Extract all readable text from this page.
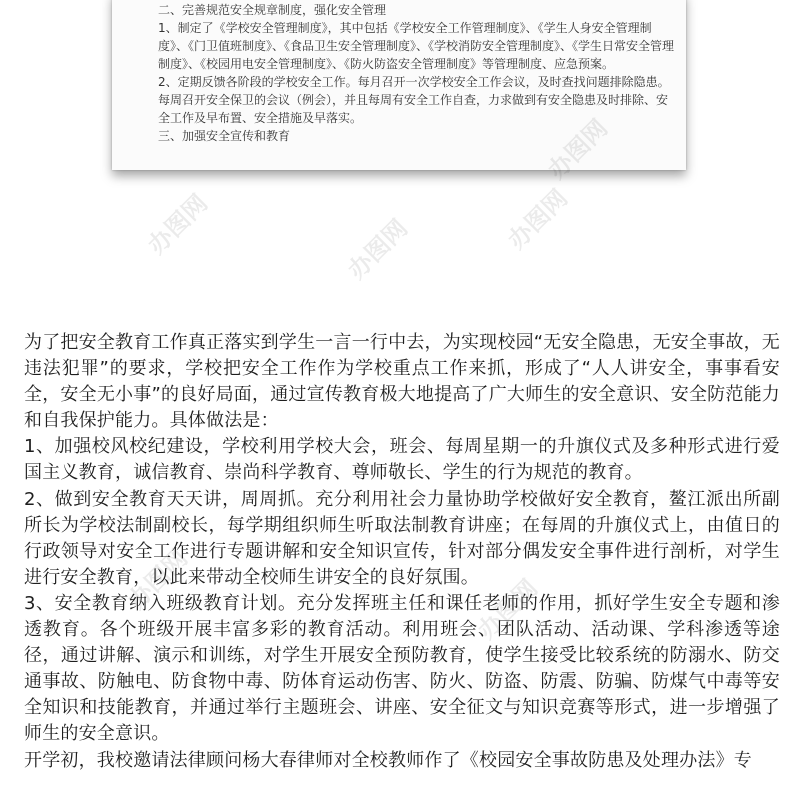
二、完善规范安全规章制度，强化安全管理

1、制定了《学校安全管理制度》，其中包括《学校安全工作管理制度》、《学生人身安全管理制度》、《门卫值班制度》、《食品卫生安全管理制度》、《学校消防安全管理制度》、《学生日常安全管理制度》、《校园用电安全管理制度》、《防火防盗安全管理制度》等管理制度、应急预案。

2、定期反馈各阶段的学校安全工作。每月召开一次学校安全工作会议，及时查找问题排除隐患。每周召开安全保卫的会议（例会），并且每周有安全工作自查，力求做到有安全隐患及时排除、安全工作及早布置、安全措施及早落实。

三、加强安全宣传和教育

办图网	办图网	办图网
办图网
办图网

为了把安全教育工作真正落实到学生一言一行中去，为实现校园“无安全隐患，无安全事故，无违法犯罪”的要求，学校把安全工作作为学校重点工作来抓，形成了“人人讲安全，事事看安全，安全无小事”的良好局面，通过宣传教育极大地提高了广大师生的安全意识、安全防范能力和自我保护能力。具体做法是：

1、加强校风校纪建设，学校利用学校大会，班会、每周星期一的升旗仪式及多种形式进行爱国主义教育，诚信教育、崇尚科学教育、尊师敬长、学生的行为规范的教育。

2、做到安全教育天天讲，周周抓。充分利用社会力量协助学校做好安全教育，鳌江派出所副所长为学校法制副校长，每学期组织师生听取法制教育讲座；在每周的升旗仪式上，由值日的行政领导对安全工作进行专题讲解和安全知识宣传，针对部分偶发安全事件进行剖析，对学生进行安全教育，以此来带动全校师生讲安全的良好氛围。

3、安全教育纳入班级教育计划。充分发挥班主任和课任老师的作用，抓好学生安全专题和渗透教育。各个班级开展丰富多彩的教育活动。利用班会、团队活动、活动课、学科渗透等途径，通过讲解、演示和训练，对学生开展安全预防教育，使学生接受比较系统的防溺水、防交通事故、防触电、防食物中毒、防体育运动伤害、防火、防盗、防震、防骗、防煤气中毒等安全知识和技能教育，并通过举行主题班会、讲座、安全征文与知识竞赛等形式，进一步增强了师生的安全意识。

开学初，我校邀请法律顾问杨大春律师对全校教师作了《校园安全事故防患及处理办法》专
